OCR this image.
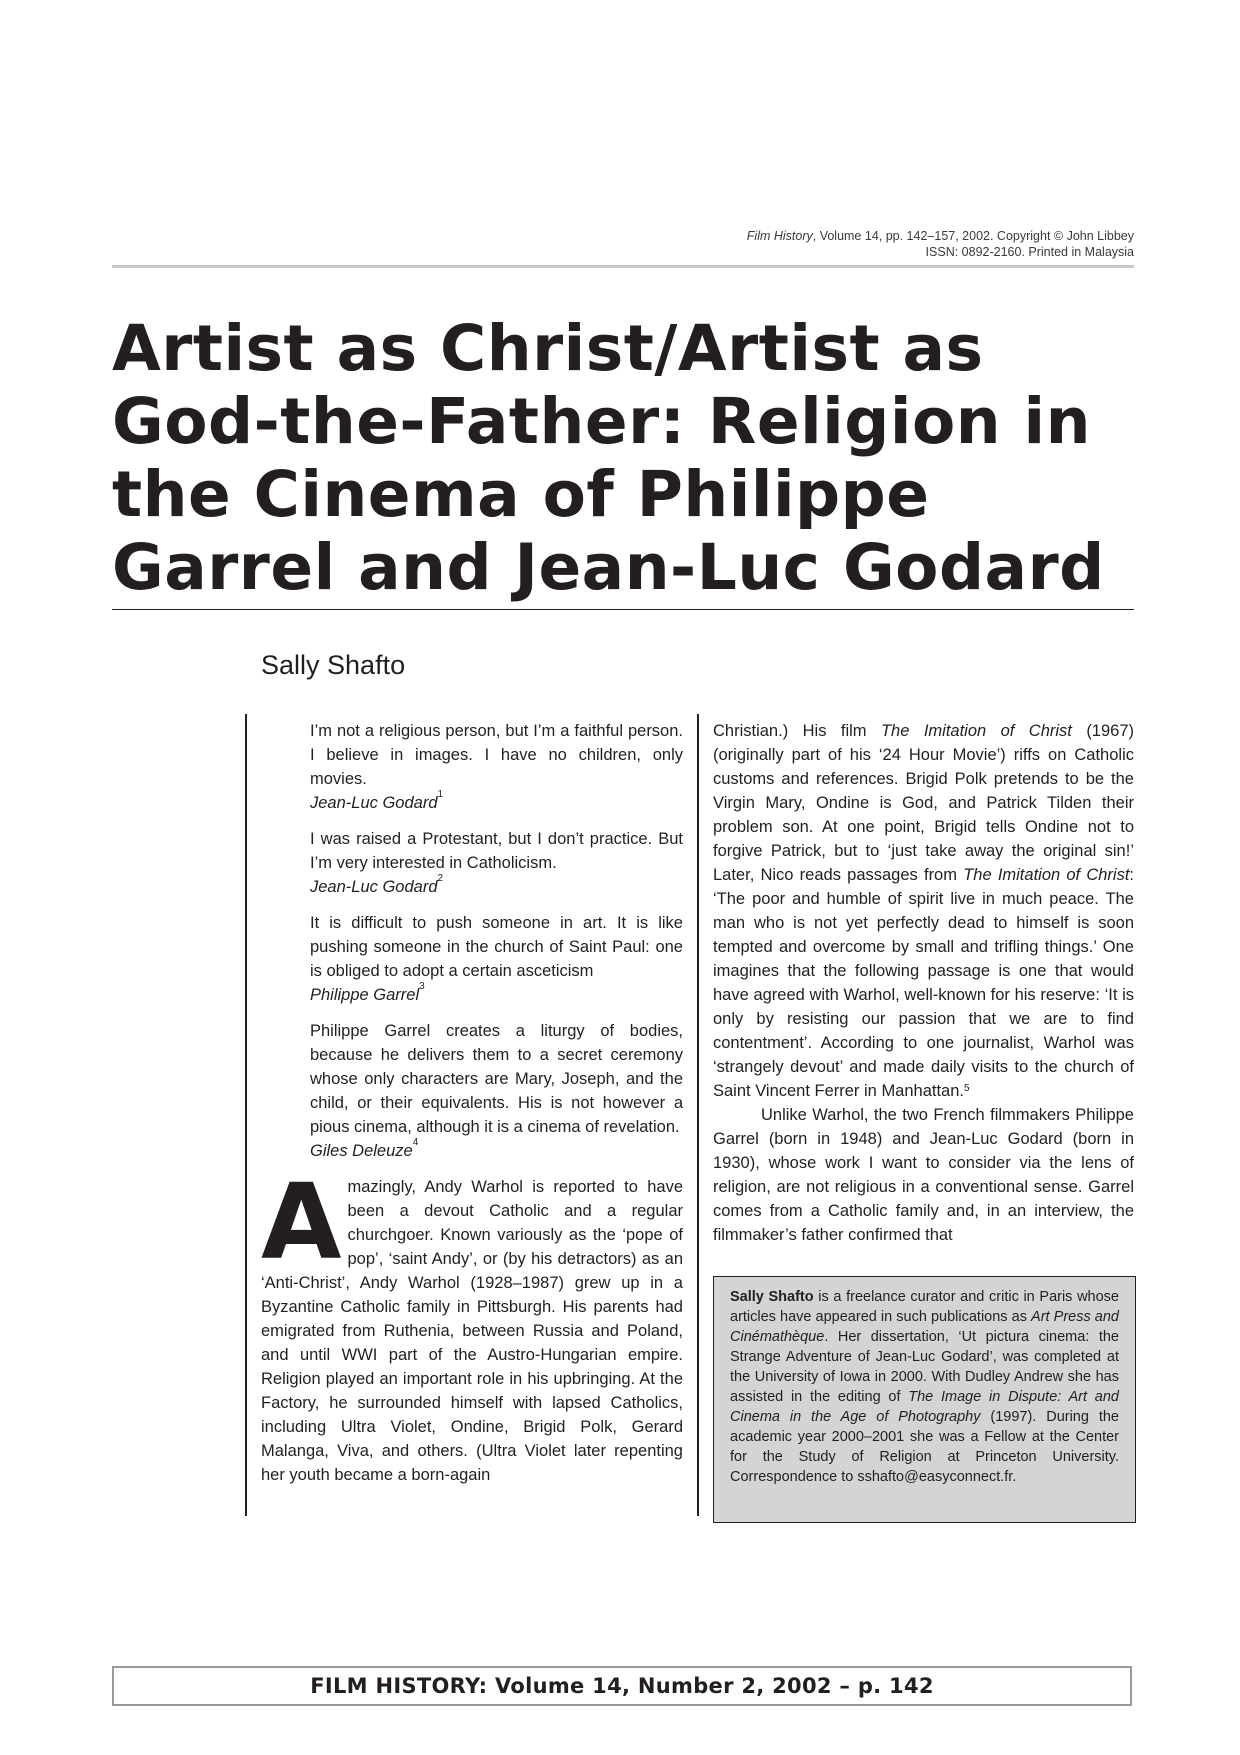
Film History, Volume 14, pp. 142–157, 2002. Copyright © John Libbey
ISSN: 0892-2160. Printed in Malaysia
Artist as Christ/Artist as
God-the-Father: Religion in
the Cinema of Philippe
Garrel and Jean-Luc Godard
Sally Shafto
I’m not a religious person, but I’m a faithful person. I believe in images. I have no children, only movies.
Jean-Luc Godard$^1$
I was raised a Protestant, but I don’t practice. But I’m very interested in Catholicism.
Jean-Luc Godard$^2$
It is difficult to push someone in art. It is like pushing someone in the church of Saint Paul: one is obliged to adopt a certain asceticism
Philippe Garrel$^3$
Philippe Garrel creates a liturgy of bodies, because he delivers them to a secret ceremony whose only characters are Mary, Joseph, and the child, or their equivalents. His is not however a pious cinema, although it is a cinema of revelation.
Giles Deleuze$^4$

Amazingly, Andy Warhol is reported to have been a devout Catholic and a regular churchgoer. Known variously as the ‘pope of pop’, ‘saint Andy’, or (by his detractors) as an ‘Anti-Christ’, Andy Warhol (1928–1987) grew up in a Byzantine Catholic family in Pittsburgh. His parents had emigrated from Ruthenia, between Russia and Poland, and until WWI part of the Austro-Hungarian empire. Religion played an important role in his upbringing. At the Factory, he surrounded himself with lapsed Catholics, including Ultra Violet, Ondine, Brigid Polk, Gerard Malanga, Viva, and others. (Ultra Violet later repenting her youth became a born-again

Christian.) His film The Imitation of Christ (1967) (originally part of his ‘24 Hour Movie’) riffs on Catholic customs and references. Brigid Polk pretends to be the Virgin Mary, Ondine is God, and Patrick Tilden their problem son. At one point, Brigid tells Ondine not to forgive Patrick, but to ‘just take away the original sin!’ Later, Nico reads passages from The Imitation of Christ: ‘The poor and humble of spirit live in much peace. The man who is not yet perfectly dead to himself is soon tempted and overcome by small and trifling things.’ One imagines that the following passage is one that would have agreed with Warhol, well-known for his reserve: ‘It is only by resisting our passion that we are to find contentment’. According to one journalist, Warhol was ‘strangely devout’ and made daily visits to the church of Saint Vincent Ferrer in Manhattan.$^5$

Unlike Warhol, the two French filmmakers Philippe Garrel (born in 1948) and Jean-Luc Godard (born in 1930), whose work I want to consider via the lens of religion, are not religious in a conventional sense. Garrel comes from a Catholic family and, in an interview, the filmmaker’s father confirmed that

Sally Shafto is a freelance curator and critic in Paris whose articles have appeared in such publications as Art Press and Cinémathèque. Her dissertation, ‘Ut pictura cinema: the Strange Adventure of Jean-Luc Godard’, was completed at the University of Iowa in 2000. With Dudley Andrew she has assisted in the editing of The Image in Dispute: Art and Cinema in the Age of Photography (1997). During the academic year 2000–2001 she was a Fellow at the Center for the Study of Religion at Princeton University. Correspondence to sshafto@easyconnect.fr.
FILM HISTORY: Volume 14, Number 2, 2002 – p. 142
